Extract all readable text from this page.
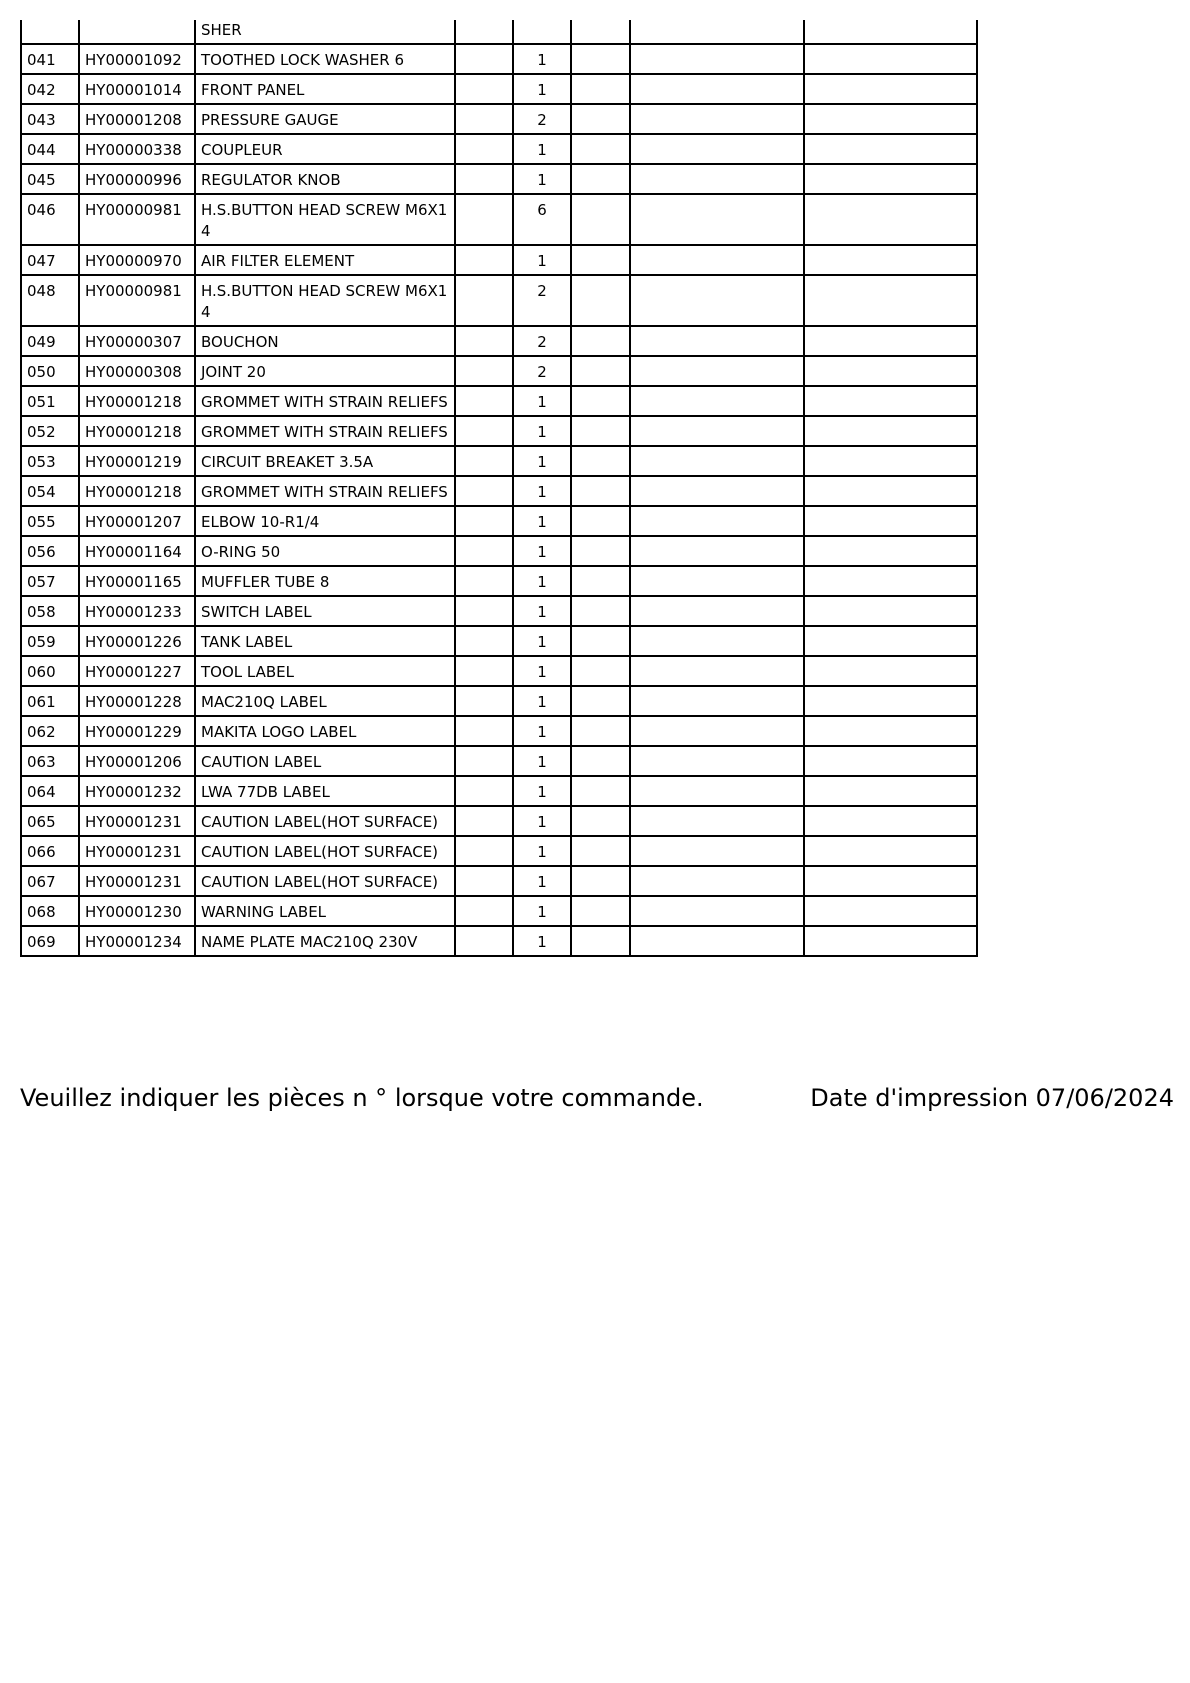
		SHER					
041	HY00001092	TOOTHED LOCK WASHER 6		1			
042	HY00001014	FRONT PANEL		1			
043	HY00001208	PRESSURE GAUGE		2			
044	HY00000338	COUPLEUR		1			
045	HY00000996	REGULATOR KNOB		1			
046	HY00000981	H.S.BUTTON HEAD SCREW M6X14		6			
047	HY00000970	AIR FILTER ELEMENT		1			
048	HY00000981	H.S.BUTTON HEAD SCREW M6X14		2			
049	HY00000307	BOUCHON		2			
050	HY00000308	JOINT 20		2			
051	HY00001218	GROMMET WITH STRAIN RELIEFS		1			
052	HY00001218	GROMMET WITH STRAIN RELIEFS		1			
053	HY00001219	CIRCUIT BREAKET 3.5A		1			
054	HY00001218	GROMMET WITH STRAIN RELIEFS		1			
055	HY00001207	ELBOW 10-R1/4		1			
056	HY00001164	O-RING 50		1			
057	HY00001165	MUFFLER TUBE 8		1			
058	HY00001233	SWITCH LABEL		1			
059	HY00001226	TANK LABEL		1			
060	HY00001227	TOOL LABEL		1			
061	HY00001228	MAC210Q LABEL		1			
062	HY00001229	MAKITA LOGO LABEL		1			
063	HY00001206	CAUTION LABEL		1			
064	HY00001232	LWA 77DB LABEL		1			
065	HY00001231	CAUTION LABEL(HOT SURFACE)		1			
066	HY00001231	CAUTION LABEL(HOT SURFACE)		1			
067	HY00001231	CAUTION LABEL(HOT SURFACE)		1			
068	HY00001230	WARNING LABEL		1			
069	HY00001234	NAME PLATE MAC210Q 230V		1			
Veuillez indiquer les pièces n ° lorsque votre commande.	Date d'impression 07/06/2024
